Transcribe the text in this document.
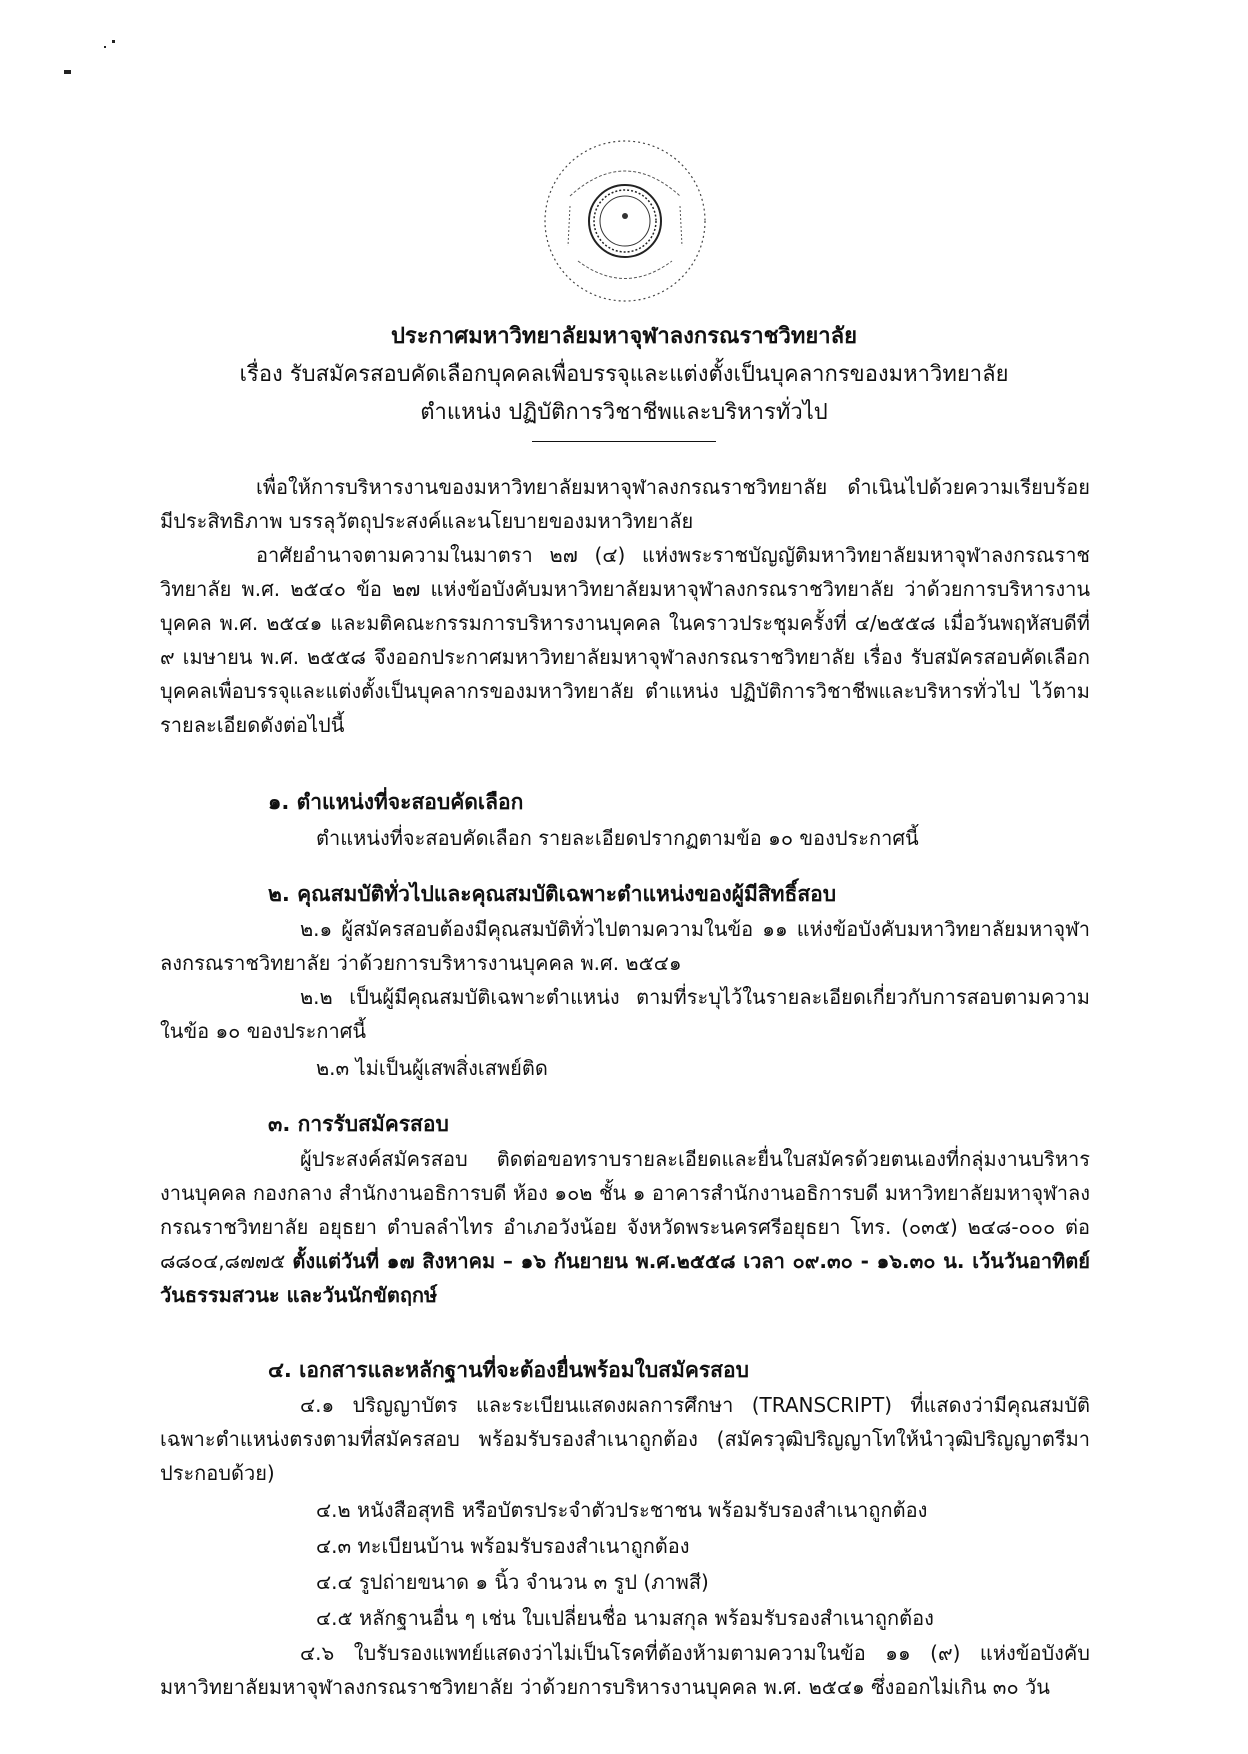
ประกาศมหาวิทยาลัยมหาจุฬาลงกรณราชวิทยาลัย
เรื่อง รับสมัครสอบคัดเลือกบุคคลเพื่อบรรจุและแต่งตั้งเป็นบุคลากรของมหาวิทยาลัย
ตำแหน่ง ปฏิบัติการวิชาชีพและบริหารทั่วไป

เพื่อให้การบริหารงานของมหาวิทยาลัยมหาจุฬาลงกรณราชวิทยาลัย ดำเนินไปด้วยความเรียบร้อย มีประสิทธิภาพ บรรลุวัตถุประสงค์และนโยบายของมหาวิทยาลัย

อาศัยอำนาจตามความในมาตรา ๒๗ (๔) แห่งพระราชบัญญัติมหาวิทยาลัยมหาจุฬาลงกรณราชวิทยาลัย พ.ศ. ๒๕๔๐ ข้อ ๒๗ แห่งข้อบังคับมหาวิทยาลัยมหาจุฬาลงกรณราชวิทยาลัย ว่าด้วยการบริหารงานบุคคล พ.ศ. ๒๕๔๑ และมติคณะกรรมการบริหารงานบุคคล ในคราวประชุมครั้งที่ ๔/๒๕๕๘ เมื่อวันพฤหัสบดีที่ ๙ เมษายน พ.ศ. ๒๕๕๘ จึงออกประกาศมหาวิทยาลัยมหาจุฬาลงกรณราชวิทยาลัย เรื่อง รับสมัครสอบคัดเลือกบุคคลเพื่อบรรจุและแต่งตั้งเป็นบุคลากรของมหาวิทยาลัย ตำแหน่ง ปฏิบัติการวิชาชีพและบริหารทั่วไป ไว้ตามรายละเอียดดังต่อไปนี้

๑. ตำแหน่งที่จะสอบคัดเลือก

ตำแหน่งที่จะสอบคัดเลือก รายละเอียดปรากฏตามข้อ ๑๐ ของประกาศนี้

๒. คุณสมบัติทั่วไปและคุณสมบัติเฉพาะตำแหน่งของผู้มีสิทธิ์สอบ

๒.๑ ผู้สมัครสอบต้องมีคุณสมบัติทั่วไปตามความในข้อ ๑๑ แห่งข้อบังคับมหาวิทยาลัยมหาจุฬาลงกรณราชวิทยาลัย ว่าด้วยการบริหารงานบุคคล พ.ศ. ๒๕๔๑

๒.๒ เป็นผู้มีคุณสมบัติเฉพาะตำแหน่ง ตามที่ระบุไว้ในรายละเอียดเกี่ยวกับการสอบตามความในข้อ ๑๐ ของประกาศนี้

๒.๓ ไม่เป็นผู้เสพสิ่งเสพย์ติด

๓. การรับสมัครสอบ

ผู้ประสงค์สมัครสอบ ติดต่อขอทราบรายละเอียดและยื่นใบสมัครด้วยตนเองที่กลุ่มงานบริหารงานบุคคล กองกลาง สำนักงานอธิการบดี ห้อง ๑๐๒ ชั้น ๑ อาคารสำนักงานอธิการบดี มหาวิทยาลัยมหาจุฬาลงกรณราชวิทยาลัย อยุธยา ตำบลลำไทร อำเภอวังน้อย จังหวัดพระนครศรีอยุธยา โทร. (๐๓๕) ๒๔๘-๐๐๐ ต่อ ๘๘๐๔,๘๗๗๕ ตั้งแต่วันที่ ๑๗ สิงหาคม – ๑๖ กันยายน พ.ศ.๒๕๕๘ เวลา ๐๙.๓๐ - ๑๖.๓๐ น. เว้นวันอาทิตย์ วันธรรมสวนะ และวันนักขัตฤกษ์

๔. เอกสารและหลักฐานที่จะต้องยื่นพร้อมใบสมัครสอบ

๔.๑ ปริญญาบัตร และระเบียนแสดงผลการศึกษา (TRANSCRIPT) ที่แสดงว่ามีคุณสมบัติเฉพาะตำแหน่งตรงตามที่สมัครสอบ พร้อมรับรองสำเนาถูกต้อง (สมัครวุฒิปริญญาโทให้นำวุฒิปริญญาตรีมาประกอบด้วย)

๔.๒ หนังสือสุทธิ หรือบัตรประจำตัวประชาชน พร้อมรับรองสำเนาถูกต้อง

๔.๓ ทะเบียนบ้าน พร้อมรับรองสำเนาถูกต้อง

๔.๔ รูปถ่ายขนาด ๑ นิ้ว จำนวน ๓ รูป (ภาพสี)

๔.๕ หลักฐานอื่น ๆ เช่น ใบเปลี่ยนชื่อ นามสกุล พร้อมรับรองสำเนาถูกต้อง

๔.๖ ใบรับรองแพทย์แสดงว่าไม่เป็นโรคที่ต้องห้ามตามความในข้อ ๑๑ (๙) แห่งข้อบังคับมหาวิทยาลัยมหาจุฬาลงกรณราชวิทยาลัย ว่าด้วยการบริหารงานบุคคล พ.ศ. ๒๕๔๑ ซึ่งออกไม่เกิน ๓๐ วัน
